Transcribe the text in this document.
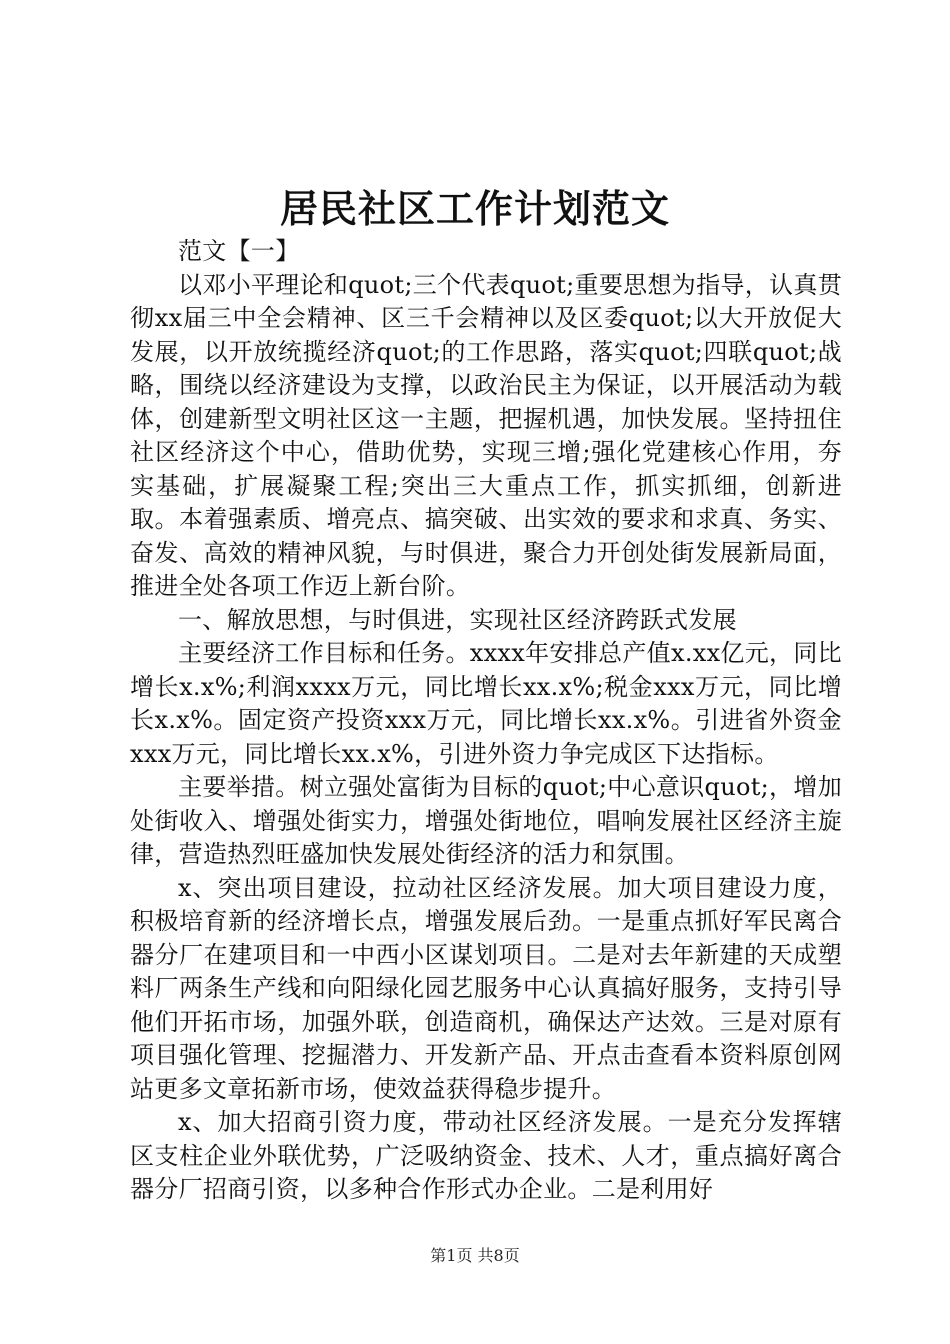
居民社区工作计划范文

范文【一】

以邓小平理论和quot;三个代表quot;重要思想为指导，认真贯彻xx届三中全会精神、区三千会精神以及区委quot;以大开放促大发展，以开放统揽经济quot;的工作思路，落实quot;四联quot;战略，围绕以经济建设为支撑，以政治民主为保证，以开展活动为载体，创建新型文明社区这一主题，把握机遇，加快发展。坚持扭住社区经济这个中心，借助优势，实现三增;强化党建核心作用，夯实基础，扩展凝聚工程;突出三大重点工作，抓实抓细，创新进取。本着强素质、增亮点、搞突破、出实效的要求和求真、务实、奋发、高效的精神风貌，与时俱进，聚合力开创处街发展新局面，推进全处各项工作迈上新台阶。

一、解放思想，与时俱进，实现社区经济跨跃式发展

主要经济工作目标和任务。xxxx年安排总产值x.xx亿元，同比增长x.x%;利润xxxx万元，同比增长xx.x%;税金xxx万元，同比增长x.x%。固定资产投资xxx万元，同比增长xx.x%。引进省外资金xxx万元，同比增长xx.x%，引进外资力争完成区下达指标。

主要举措。树立强处富街为目标的quot;中心意识quot;，增加处街收入、增强处街实力，增强处街地位，唱响发展社区经济主旋律，营造热烈旺盛加快发展处街经济的活力和氛围。

x、突出项目建设，拉动社区经济发展。加大项目建设力度，积极培育新的经济增长点，增强发展后劲。一是重点抓好军民离合器分厂在建项目和一中西小区谋划项目。二是对去年新建的天成塑料厂两条生产线和向阳绿化园艺服务中心认真搞好服务，支持引导他们开拓市场，加强外联，创造商机，确保达产达效。三是对原有项目强化管理、挖掘潜力、开发新产品、开点击查看本资料原创网站更多文章拓新市场，使效益获得稳步提升。

x、加大招商引资力度，带动社区经济发展。一是充分发挥辖区支柱企业外联优势，广泛吸纳资金、技术、人才，重点搞好离合器分厂招商引资，以多种合作形式办企业。二是利用好

第1页 共8页
